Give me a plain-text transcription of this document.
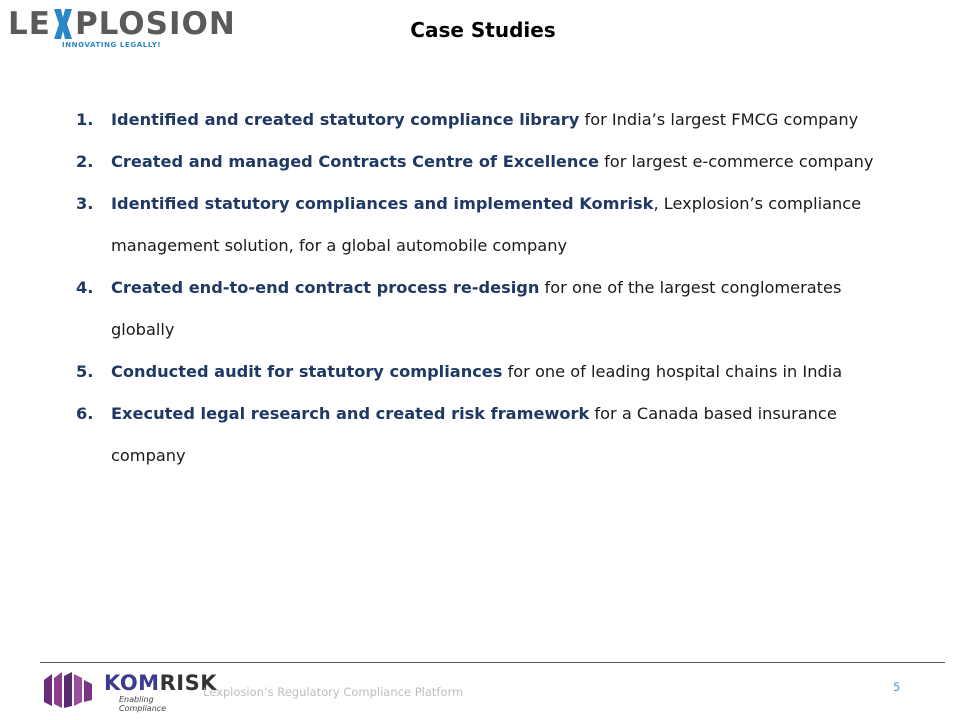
LE PLOSION
INNOVATING LEGALLY!
Case Studies
1.	Identified and created statutory compliance library for India’s largest FMCG company
2.	Created and managed Contracts Centre of Excellence for largest e-commerce company
3.	Identified statutory compliances and implemented Komrisk, Lexplosion’s compliance management solution, for a global automobile company
4.	Created end-to-end contract process re-design for one of the largest conglomerates globally
5.	Conducted audit for statutory compliances for one of leading hospital chains in India
6.	Executed legal research and created risk framework for a Canada based insurance company
KOMRISK
Enabling Compliance
Lexplosion’s Regulatory Compliance Platform	5
